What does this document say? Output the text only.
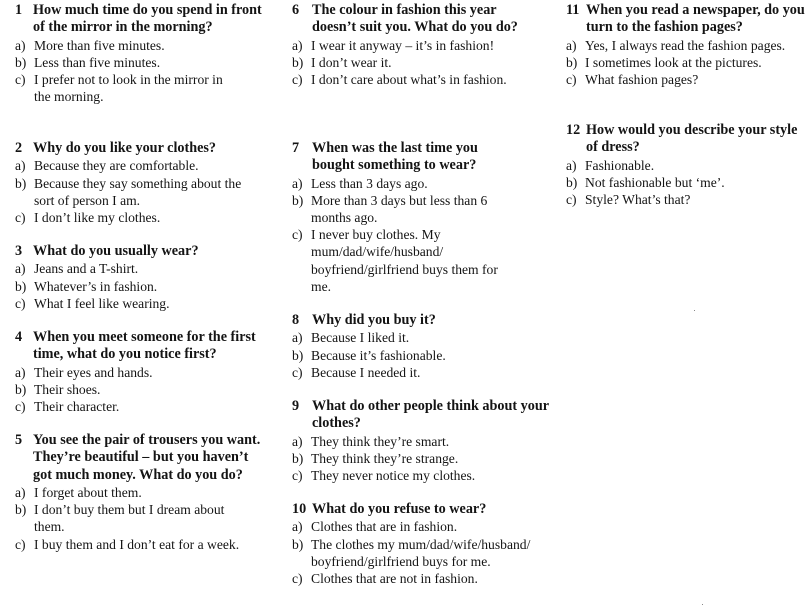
1 How much time do you spend in front of the mirror in the morning?
a) More than five minutes.
b) Less than five minutes.
c) I prefer not to look in the mirror in the morning.
2 Why do you like your clothes?
a) Because they are comfortable.
b) Because they say something about the sort of person I am.
c) I don’t like my clothes.
3 What do you usually wear?
a) Jeans and a T-shirt.
b) Whatever’s in fashion.
c) What I feel like wearing.
4 When you meet someone for the first time, what do you notice first?
a) Their eyes and hands.
b) Their shoes.
c) Their character.
5 You see the pair of trousers you want. They’re beautiful – but you haven’t got much money. What do you do?
a) I forget about them.
b) I don’t buy them but I dream about them.
c) I buy them and I don’t eat for a week.
6 The colour in fashion this year doesn’t suit you. What do you do?
a) I wear it anyway – it’s in fashion!
b) I don’t wear it.
c) I don’t care about what’s in fashion.
7 When was the last time you bought something to wear?
a) Less than 3 days ago.
b) More than 3 days but less than 6 months ago.
c) I never buy clothes. My mum/dad/wife/husband/ boyfriend/girlfriend buys them for me.
8 Why did you buy it?
a) Because I liked it.
b) Because it’s fashionable.
c) Because I needed it.
9 What do other people think about your clothes?
a) They think they’re smart.
b) They think they’re strange.
c) They never notice my clothes.
10 What do you refuse to wear?
a) Clothes that are in fashion.
b) The clothes my mum/dad/wife/husband/ boyfriend/girlfriend buys for me.
c) Clothes that are not in fashion.
11 When you read a newspaper, do you turn to the fashion pages?
a) Yes, I always read the fashion pages.
b) I sometimes look at the pictures.
c) What fashion pages?
12 How would you describe your style of dress?
a) Fashionable.
b) Not fashionable but ‘me’.
c) Style? What’s that?
